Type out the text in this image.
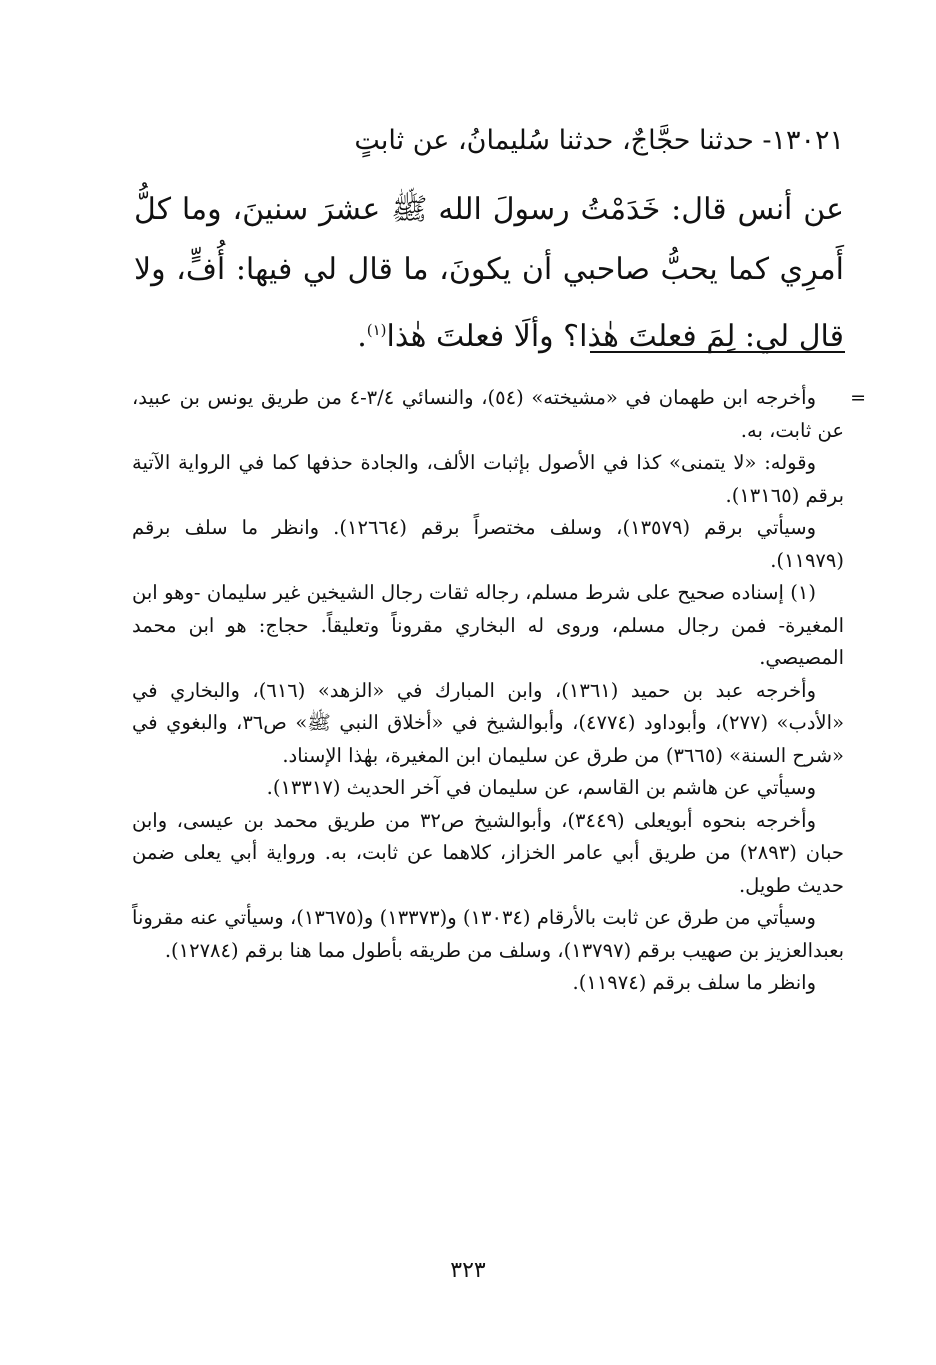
١٣٠٢١- حدثنا حجَّاجٌ، حدثنا سُليمانُ، عن ثابتٍ

عن أنس قال: خَدَمْتُ رسولَ الله ﷺ عشرَ سنينَ، وما كلُّ أَمرِي كما يحبُّ صاحبي أن يكونَ، ما قال لي فيها: أُفٍّ، ولا قال لي: لِمَ فعلتَ هٰذا؟ وألَا فعلتَ هٰذا$^{(١)}$.

=
وأخرجه ابن طهمان في «مشيخته» (٥٤)، والنسائي ٣/٤-٤ من طريق يونس بن عبيد، عن ثابت، به.

وقوله: «لا يتمنى» كذا في الأصول بإثبات الألف، والجادة حذفها كما في الرواية الآتية برقم (١٣١٦٥).

وسيأتي برقم (١٣٥٧٩)، وسلف مختصراً برقم (١٢٦٦٤). وانظر ما سلف برقم (١١٩٧٩).

(١) إسناده صحيح على شرط مسلم، رجاله ثقات رجال الشيخين غير سليمان -وهو ابن المغيرة- فمن رجال مسلم، وروى له البخاري مقروناً وتعليقاً. حجاج: هو ابن محمد المصيصي.

وأخرجه عبد بن حميد (١٣٦١)، وابن المبارك في «الزهد» (٦١٦)، والبخاري في «الأدب» (٢٧٧)، وأبوداود (٤٧٧٤)، وأبوالشيخ في «أخلاق النبي ﷺ» ص٣٦، والبغوي في «شرح السنة» (٣٦٦٥) من طرق عن سليمان ابن المغيرة، بهٰذا الإسناد.

وسيأتي عن هاشم بن القاسم، عن سليمان في آخر الحديث (١٣٣١٧).

وأخرجه بنحوه أبويعلى (٣٤٤٩)، وأبوالشيخ ص٣٢ من طريق محمد بن عيسى، وابن حبان (٢٨٩٣) من طريق أبي عامر الخزاز، كلاهما عن ثابت، به. ورواية أبي يعلى ضمن حديث طويل.

وسيأتي من طرق عن ثابت بالأرقام (١٣٠٣٤) و(١٣٣٧٣) و(١٣٦٧٥)، وسيأتي عنه مقروناً بعبدالعزيز بن صهيب برقم (١٣٧٩٧)، وسلف من طريقه بأطول مما هنا برقم (١٢٧٨٤).

وانظر ما سلف برقم (١١٩٧٤).

٣٢٣
